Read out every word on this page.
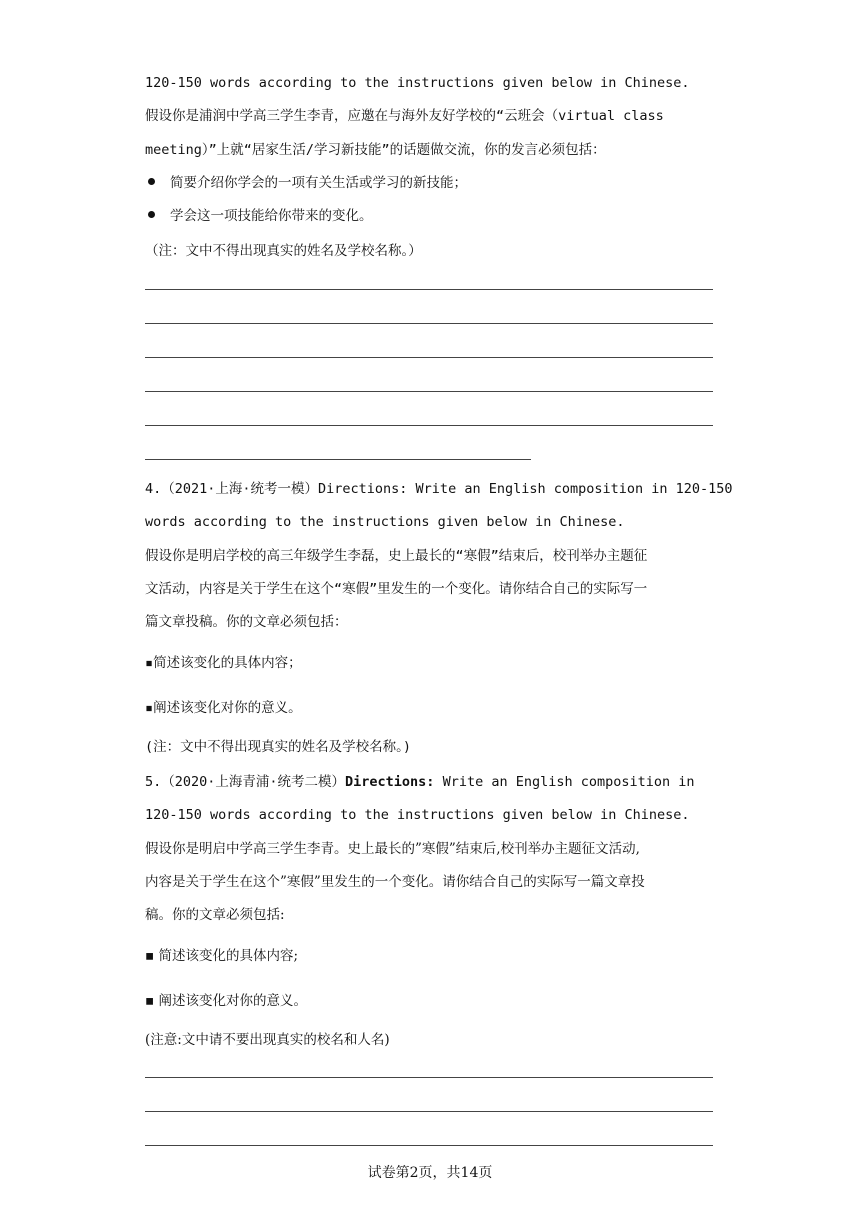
120-150 words according to the instructions given below in Chinese.
假设你是浦润中学高三学生李青，应邀在与海外友好学校的“云班会（virtual class
meeting）”上就“居家生活/学习新技能”的话题做交流，你的发言必须包括：
简要介绍你学会的一项有关生活或学习的新技能；
学会这一项技能给你带来的变化。
（注：文中不得出现真实的姓名及学校名称。）
4.（2021·上海·统考一模）Directions: Write an English composition in 120-150
words according to the instructions given below in Chinese.
假设你是明启学校的高三年级学生李磊，史上最长的“寒假”结束后，校刊举办主题征
文活动，内容是关于学生在这个“寒假”里发生的一个变化。请你结合自己的实际写一
篇文章投稿。你的文章必须包括：
▪简述该变化的具体内容；
▪阐述该变化对你的意义。
(注：文中不得出现真实的姓名及学校名称。)
5.（2020·上海青浦·统考二模）Directions: Write an English composition in
120-150 words according to the instructions given below in Chinese.
假设你是明启中学高三学生李青。史上最长的”寒假”结束后,校刊举办主题征文活动,
内容是关于学生在这个”寒假”里发生的一个变化。请你结合自己的实际写一篇文章投
稿。你的文章必须包括:
▪ 简述该变化的具体内容;
▪ 阐述该变化对你的意义。
(注意:文中请不要出现真实的校名和人名)
试卷第2页，共14页
